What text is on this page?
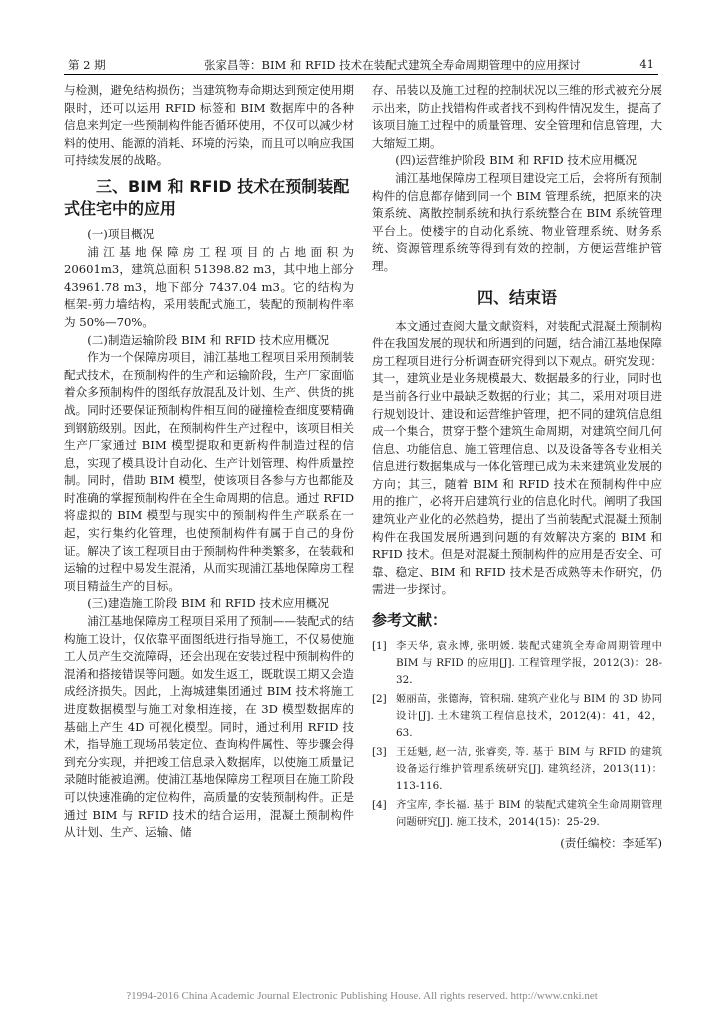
第 2 期	张家昌等：BIM 和 RFID 技术在装配式建筑全寿命周期管理中的应用探讨	41

与检测，避免结构损伤；当建筑物寿命期达到预定使用期限时，还可以运用 RFID 标签和 BIM 数据库中的各种信息来判定一些预制构件能否循环使用，不仅可以减少材料的使用、能源的消耗、环境的污染，而且可以响应我国可持续发展的战略。

三、BIM 和 RFID 技术在预制装配式住宅中的应用

(一)项目概况

浦江基地保障房工程项目的占地面积为 20601m3，建筑总面积 51398.82 m3，其中地上部分 43961.78 m3，地下部分 7437.04 m3。它的结构为框架-剪力墙结构，采用装配式施工，装配的预制构件率为 50%—70%。

(二)制造运输阶段 BIM 和 RFID 技术应用概况

作为一个保障房项目，浦江基地工程项目采用预制装配式技术，在预制构件的生产和运输阶段，生产厂家面临着众多预制构件的图纸存放混乱及计划、生产、供货的挑战。同时还要保证预制构件相互间的碰撞检查细度要精确到钢筋级别。因此，在预制构件生产过程中，该项目相关生产厂家通过 BIM 模型提取和更新构件制造过程的信息，实现了模具设计自动化、生产计划管理、构件质量控制。同时，借助 BIM 模型，使该项目各参与方也都能及时准确的掌握预制构件在全生命周期的信息。通过 RFID 将虚拟的 BIM 模型与现实中的预制构件生产联系在一起，实行集约化管理，也使预制构件有属于自己的身份证。解决了该工程项目由于预制构件种类繁多，在装载和运输的过程中易发生混淆，从而实现浦江基地保障房工程项目精益生产的目标。

(三)建造施工阶段 BIM 和 RFID 技术应用概况

浦江基地保障房工程项目采用了预制——装配式的结构施工设计，仅依靠平面图纸进行指导施工，不仅易使施工人员产生交流障碍，还会出现在安装过程中预制构件的混淆和搭接错误等问题。如发生返工，既耽误工期又会造成经济损失。因此，上海城建集团通过 BIM 技术将施工进度数据模型与施工对象相连接，在 3D 模型数据库的基础上产生 4D 可视化模型。同时，通过利用 RFID 技术，指导施工现场吊装定位、查询构件属性、等步骤会得到充分实现，并把竣工信息录入数据库，以使施工质量记录随时能被追溯。使浦江基地保障房工程项目在施工阶段可以快速准确的定位构件，高质量的安装预制构件。正是通过 BIM 与 RFID 技术的结合运用，混凝土预制构件从计划、生产、运输、储

存、吊装以及施工过程的控制状况以三维的形式被充分展示出来，防止找错构件或者找不到构件情况发生，提高了该项目施工过程中的质量管理、安全管理和信息管理，大大缩短工期。

(四)运营维护阶段 BIM 和 RFID 技术应用概况

浦江基地保障房工程项目建设完工后，会将所有预制构件的信息都存储到同一个 BIM 管理系统，把原来的决策系统、离散控制系统和执行系统整合在 BIM 系统管理平台上。使楼宇的自动化系统、物业管理系统、财务系统、资源管理系统等得到有效的控制，方便运营维护管理。

四、结束语

本文通过查阅大量文献资料，对装配式混凝土预制构件在我国发展的现状和所遇到的问题，结合浦江基地保障房工程项目进行分析调查研究得到以下观点。研究发现：其一，建筑业是业务规模最大、数据最多的行业，同时也是当前各行业中最缺乏数据的行业；其二，采用对项目进行规划设计、建设和运营维护管理，把不同的建筑信息组成一个集合，贯穿于整个建筑生命周期，对建筑空间几何信息、功能信息、施工管理信息、以及设备等各专业相关信息进行数据集成与一体化管理已成为未来建筑业发展的方向；其三，随着 BIM 和 RFID 技术在预制构件中应用的推广，必将开启建筑行业的信息化时代。阐明了我国建筑业产业化的必然趋势，提出了当前装配式混凝土预制构件在我国发展所遇到问题的有效解决方案的 BIM 和 RFID 技术。但是对混凝土预制构件的应用是否安全、可靠、稳定、BIM 和 RFID 技术是否成熟等未作研究，仍需进一步探讨。

参考文献：
[1] 李天华, 袁永博, 张明媛. 装配式建筑全寿命周期管理中 BIM 与 RFID 的应用[J]. 工程管理学报，2012(3)：28-32．
[2] 姬丽苗，张德海，管积瑞. 建筑产业化与 BIM 的 3D 协同设计[J]. 土木建筑工程信息技术，2012(4)：41，42，63.
[3] 王廷魁, 赵一洁, 张睿奕, 等. 基于 BIM 与 RFID 的建筑设备运行维护管理系统研究[J]. 建筑经济，2013(11)：113-116.
[4] 齐宝库, 李长福. 基于 BIM 的装配式建筑全生命周期管理问题研究[J]. 施工技术，2014(15)：25-29.
(责任编校：李延军)
?1994-2016 China Academic Journal Electronic Publishing House. All rights reserved. http://www.cnki.net
